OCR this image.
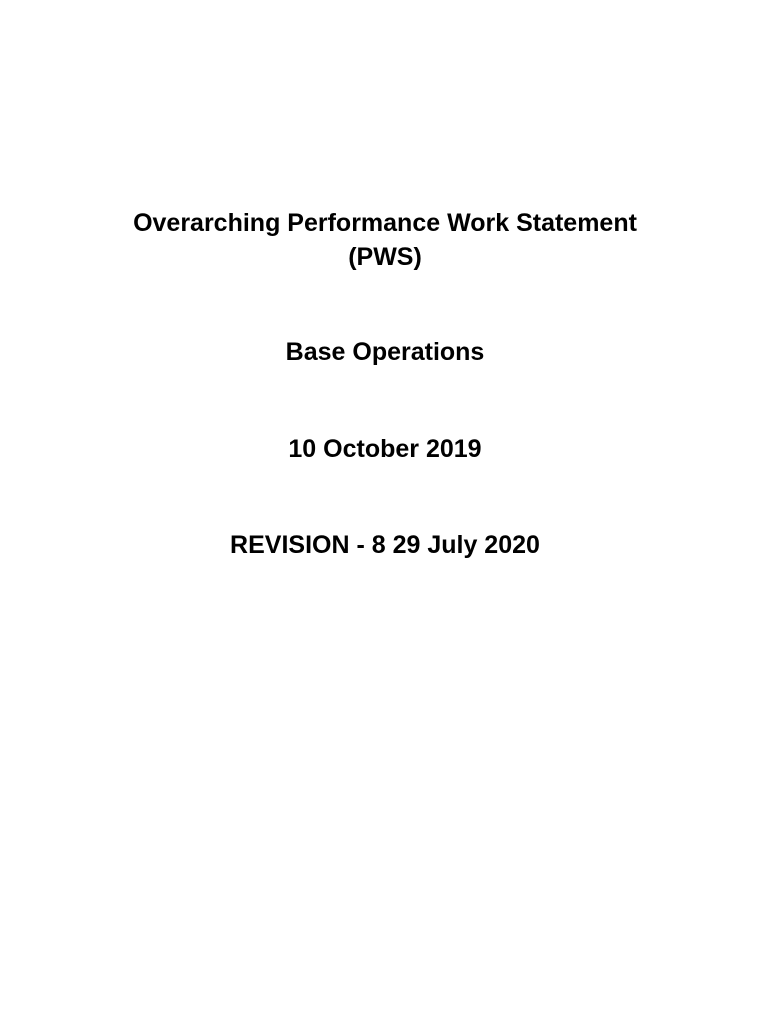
Overarching Performance Work Statement
(PWS)
Base Operations
10 October 2019
REVISION - 8 29 July 2020
